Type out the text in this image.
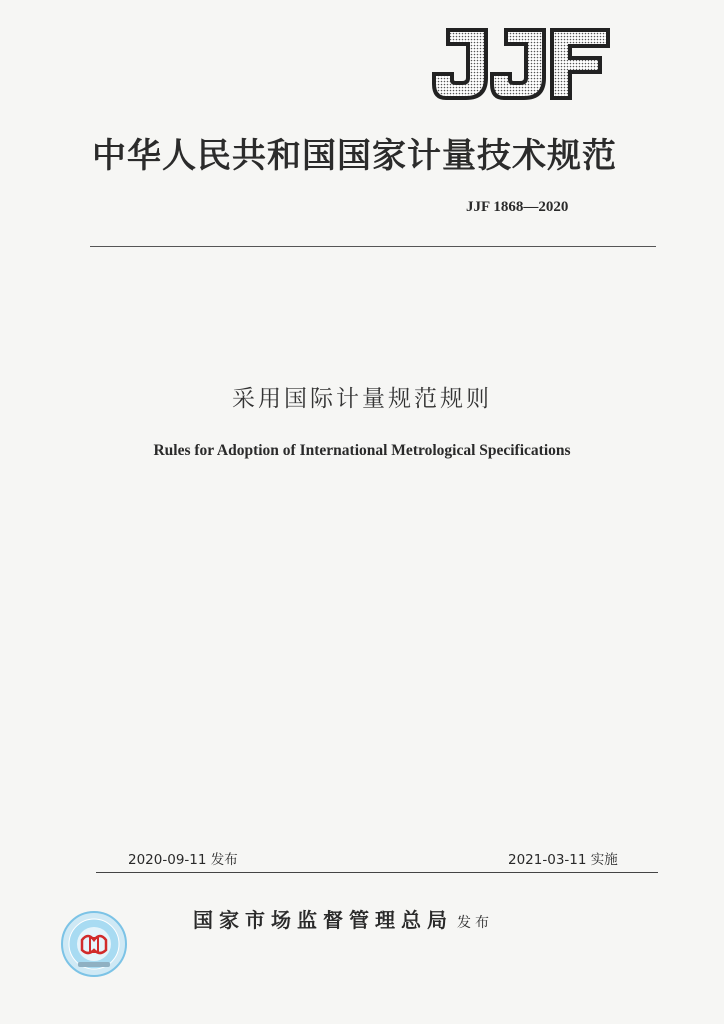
中华人民共和国国家计量技术规范
JJF 1868—2020
采用国际计量规范规则
Rules for Adoption of International Metrological Specifications
2020-09-11 发布	2021-03-11 实施
国家市场监督管理总局 发布
